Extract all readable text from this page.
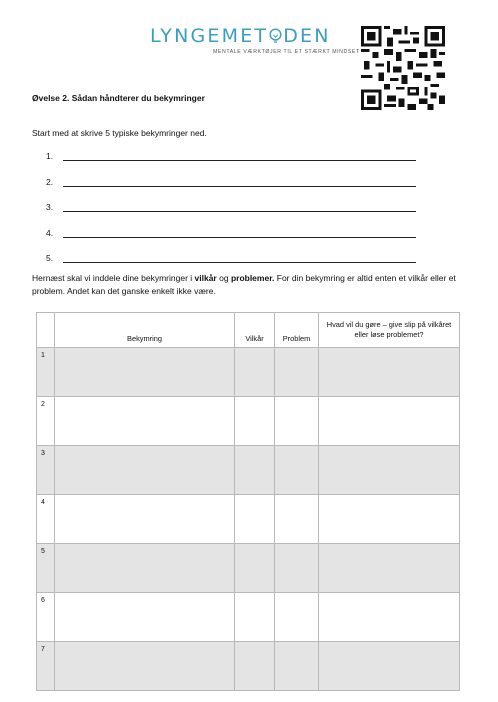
LYNGEMET DEN
MENTALE VÆRKTØJER TIL ET STÆRKT MINDSET
Øvelse 2. Sådan håndterer du bekymringer
Start med at skrive 5 typiske bekymringer ned.
1.
2.
3.
4.
5.
Hernæst skal vi inddele dine bekymringer i vilkår og problemer. For din bekymring er altid enten et vilkår eller et problem. Andet kan det ganske enkelt ikke være.
	Bekymring	Vilkår	Problem	Hvad vil du gøre – give slip på vilkåret eller løse problemet?
1				
2				
3				
4				
5				
6				
7				
